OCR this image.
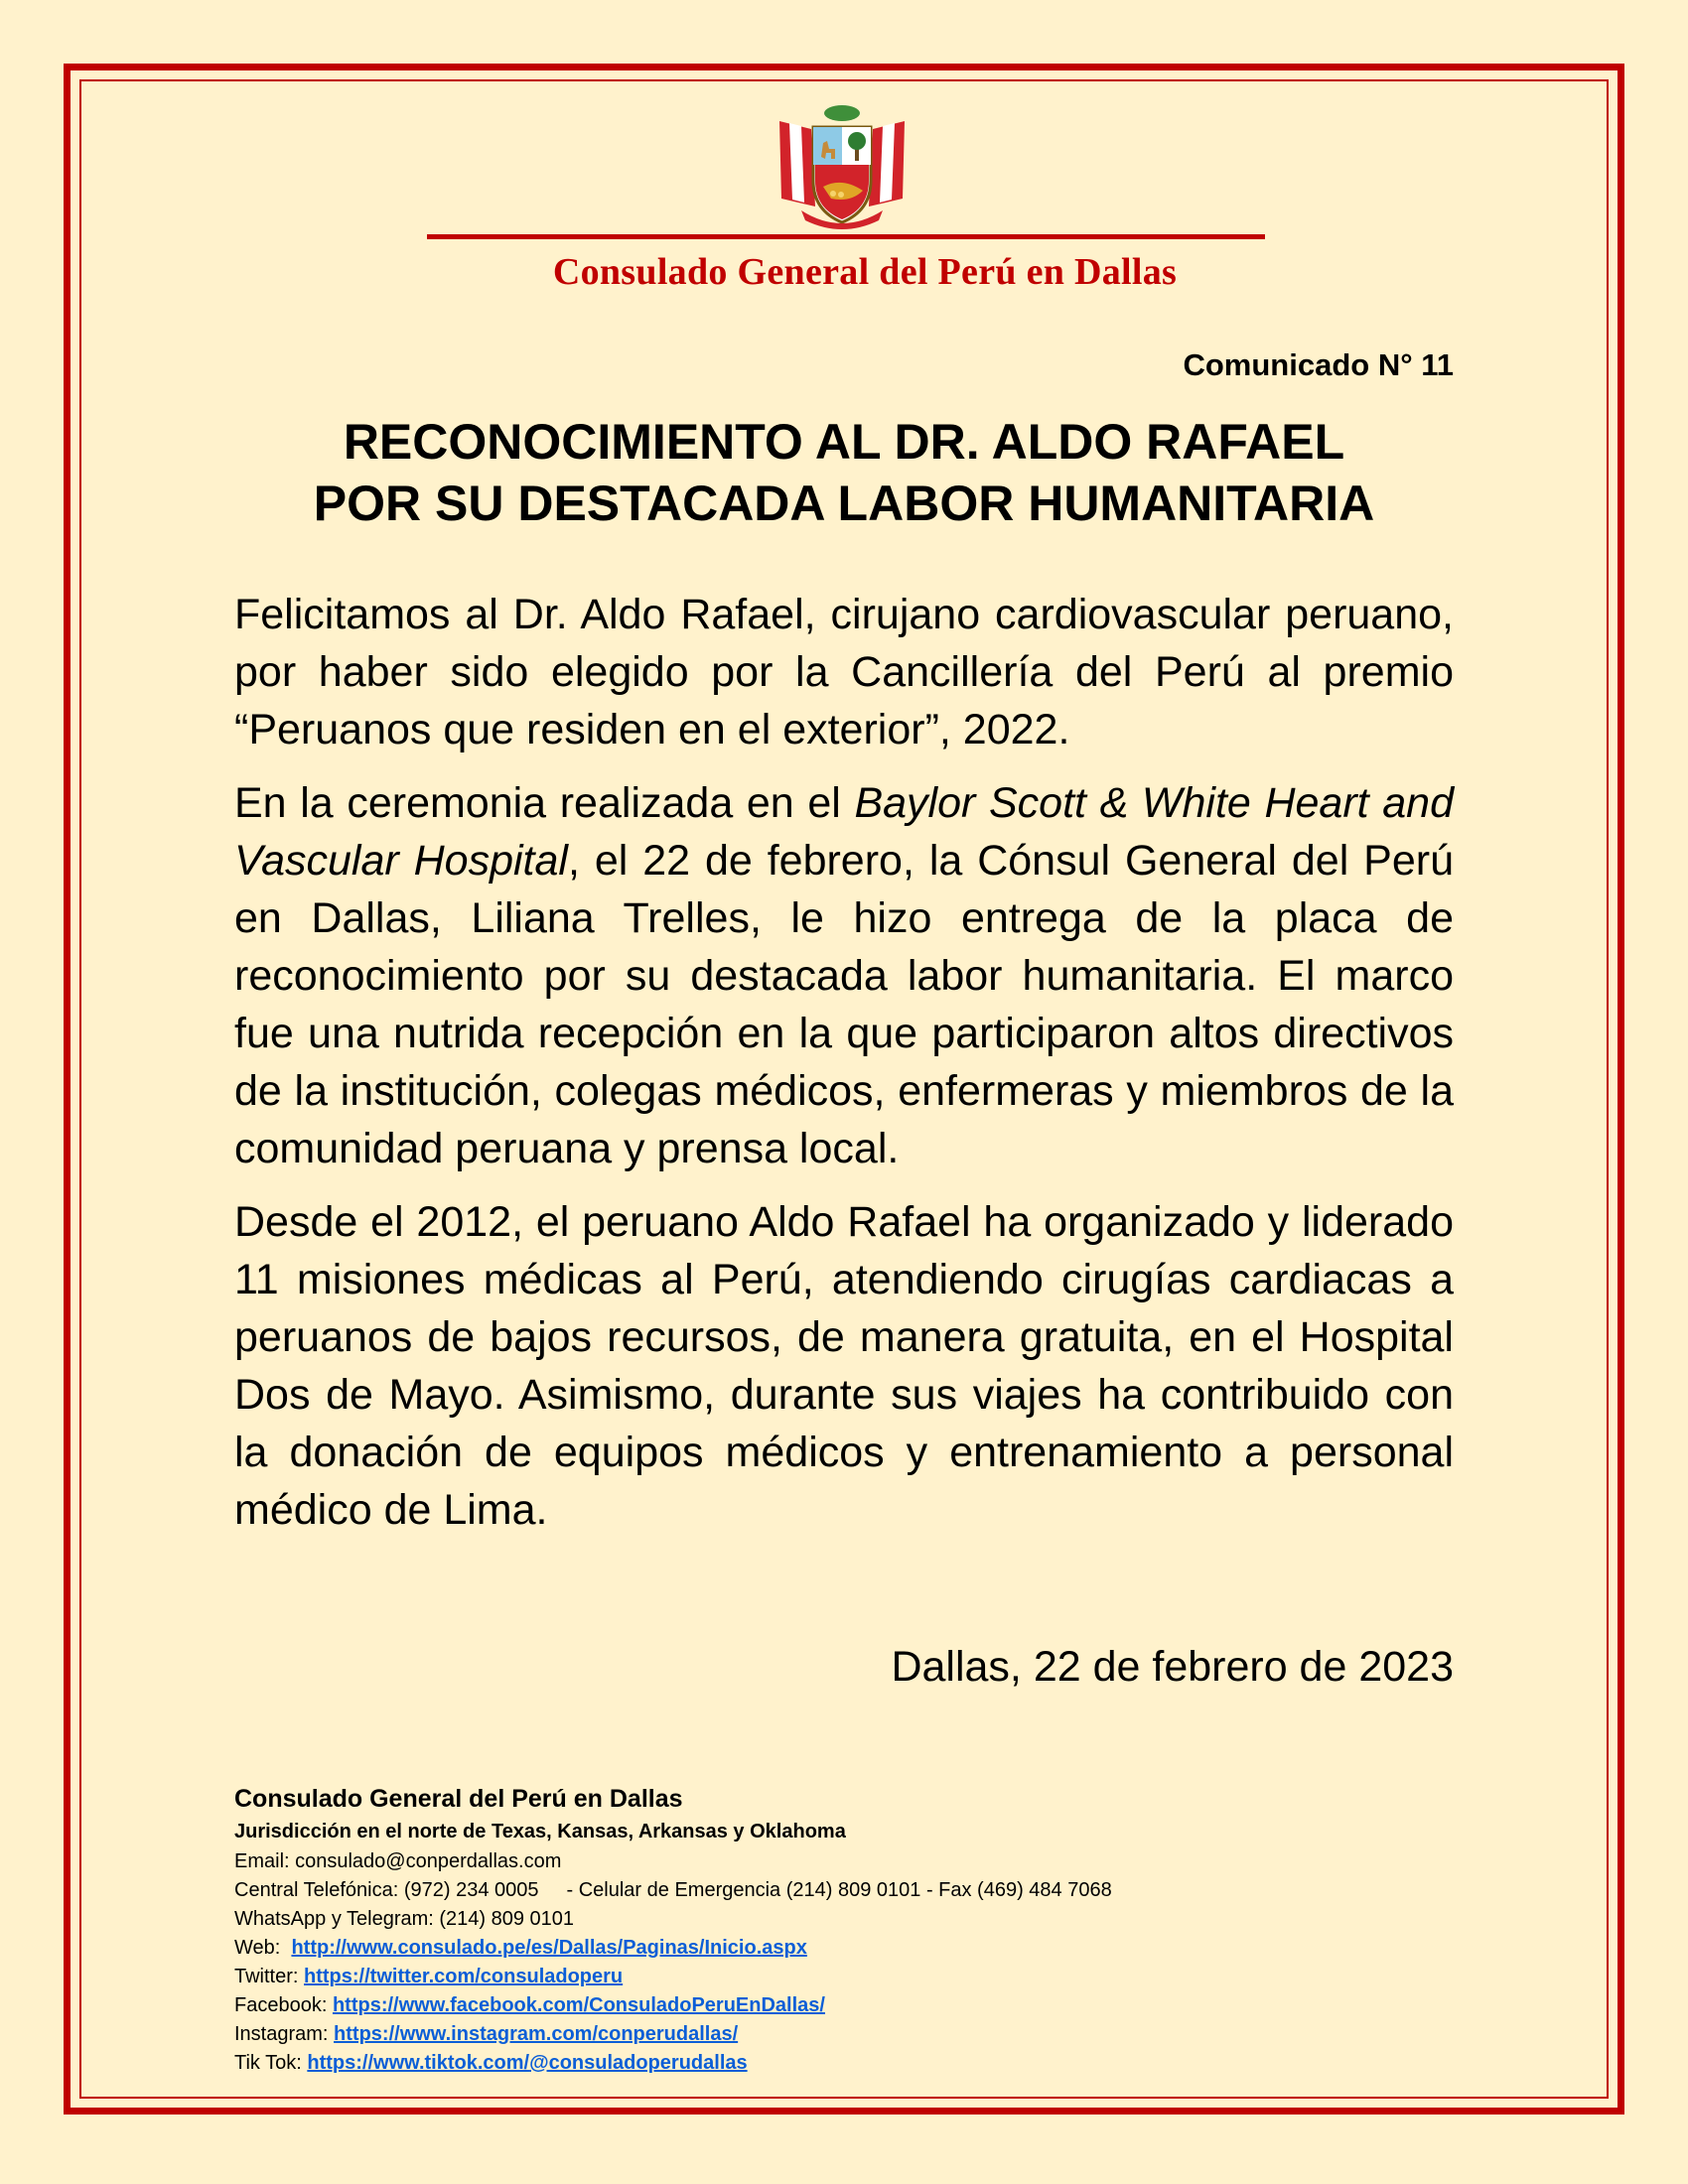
Consulado General del Perú en Dallas
Comunicado N° 11
RECONOCIMIENTO AL DR. ALDO RAFAEL
POR SU DESTACADA LABOR HUMANITARIA

Felicitamos al Dr. Aldo Rafael, cirujano cardiovascular peruano, por haber sido elegido por la Cancillería del Perú al premio “Peruanos que residen en el exterior”, 2022.

En la ceremonia realizada en el Baylor Scott & White Heart and Vascular Hospital, el 22 de febrero, la Cónsul General del Perú en Dallas, Liliana Trelles, le hizo entrega de la placa de reconocimiento por su destacada labor humanitaria. El marco fue una nutrida recepción en la que participaron altos directivos de la institución, colegas médicos, enfermeras y miembros de la comunidad peruana y prensa local.

Desde el 2012, el peruano Aldo Rafael ha organizado y liderado 11 misiones médicas al Perú, atendiendo cirugías cardiacas a peruanos de bajos recursos, de manera gratuita, en el Hospital Dos de Mayo. Asimismo, durante sus viajes ha contribuido con la donación de equipos médicos y entrenamiento a personal médico de Lima.

Dallas, 22 de febrero de 2023
Consulado General del Perú en Dallas
Jurisdicción en el norte de Texas, Kansas, Arkansas y Oklahoma
Email: consulado@conperdallas.com
Central Telefónica: (972) 234 0005 - Celular de Emergencia (214) 809 0101 - Fax (469) 484 7068
WhatsApp y Telegram: (214) 809 0101
Web: http://www.consulado.pe/es/Dallas/Paginas/Inicio.aspx
Twitter: https://twitter.com/consuladoperu
Facebook: https://www.facebook.com/ConsuladoPeruEnDallas/
Instagram: https://www.instagram.com/conperudallas/
Tik Tok: https://www.tiktok.com/@consuladoperudallas
